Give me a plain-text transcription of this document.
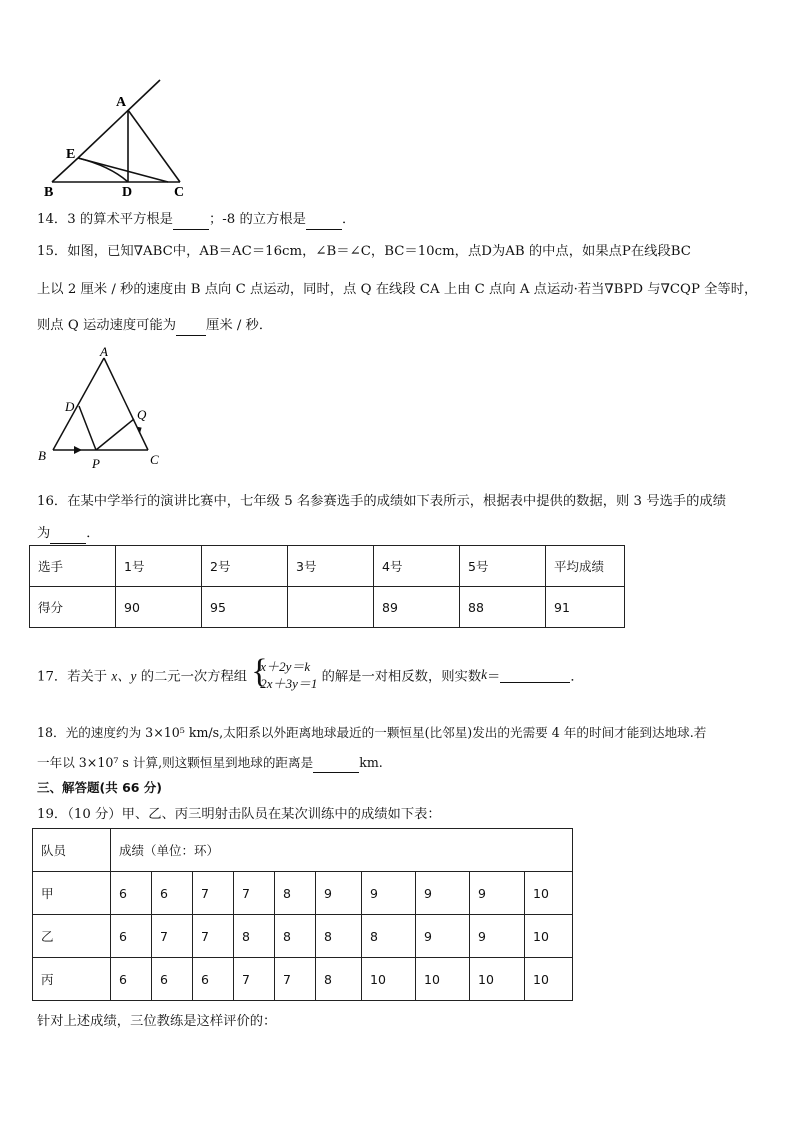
A
E
B	D	C
14．3 的算术平方根是	；-8 的立方根是	．
15．如图，已知∇ABC中，AB＝AC＝16cm，∠B＝∠C，BC＝10cm，点D为AB 的中点，如果点P在线段BC
上以 2 厘米 / 秒的速度由 B 点向 C 点运动，同时，点 Q 在线段 CA 上由 C 点向 A 点运动·若当∇BPD 与∇CQP 全等时，
则点 Q 运动速度可能为 厘米 / 秒．
A
D
Q
B
P	C
16．在某中学举行的演讲比赛中，七年级 5 名参赛选手的成绩如下表所示，根据表中提供的数据，则 3 号选手的成绩
为	．
选手	1号	2号	3号	4号	5号	平均成绩
得分	90	95		89	88	91
17．若关于 x、y 的二元一次方程组 {
x＋2y＝k
2x＋3y＝1 的解是一对相反数，则实数k＝	．
18．光的速度约为 3×10⁵ km/s,太阳系以外距离地球最近的一颗恒星(比邻星)发出的光需要 4 年的时间才能到达地球.若
一年以 3×10⁷ s 计算,则这颗恒星到地球的距离是	km.
三、解答题(共 66 分)
19．（10 分）甲、乙、丙三明射击队员在某次训练中的成绩如下表：
队员	成绩（单位：环）									
甲	6	6	7	7	8	9	9	9	9	10
乙	6	7	7	8	8	8	8	9	9	10
丙	6	6	6	7	7	8	10	10	10	10
针对上述成绩，三位教练是这样评价的：
